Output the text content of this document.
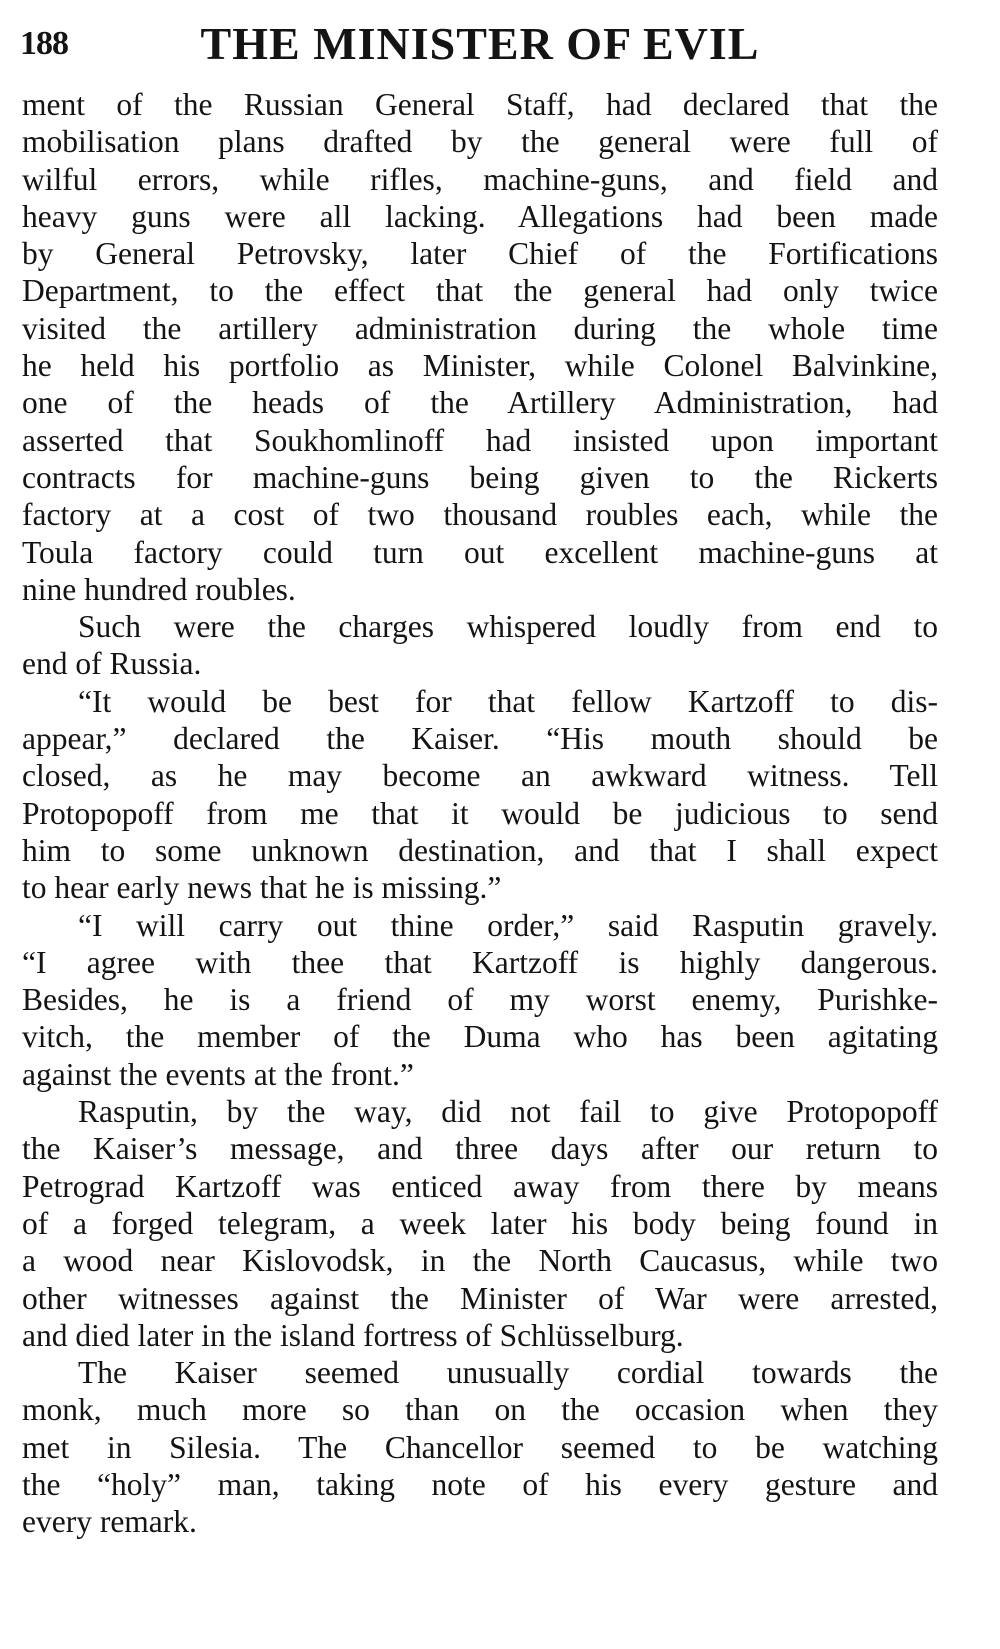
188	THE MINISTER OF EVIL
ment of the Russian General Staff, had declared that the
mobilisation plans drafted by the general were full of
wilful errors, while rifles, machine-guns, and field and
heavy guns were all lacking. Allegations had been made
by General Petrovsky, later Chief of the Fortifications
Department, to the effect that the general had only twice
visited the artillery administration during the whole time
he held his portfolio as Minister, while Colonel Balvinkine,
one of the heads of the Artillery Administration, had
asserted that Soukhomlinoff had insisted upon important
contracts for machine-guns being given to the Rickerts
factory at a cost of two thousand roubles each, while the
Toula factory could turn out excellent machine-guns at
nine hundred roubles.
Such were the charges whispered loudly from end to
end of Russia.
“It would be best for that fellow Kartzoff to dis-
appear,” declared the Kaiser. “His mouth should be
closed, as he may become an awkward witness. Tell
Protopopoff from me that it would be judicious to send
him to some unknown destination, and that I shall expect
to hear early news that he is missing.”
“I will carry out thine order,” said Rasputin gravely.
“I agree with thee that Kartzoff is highly dangerous.
Besides, he is a friend of my worst enemy, Purishke-
vitch, the member of the Duma who has been agitating
against the events at the front.”
Rasputin, by the way, did not fail to give Protopopoff
the Kaiser’s message, and three days after our return to
Petrograd Kartzoff was enticed away from there by means
of a forged telegram, a week later his body being found in
a wood near Kislovodsk, in the North Caucasus, while two
other witnesses against the Minister of War were arrested,
and died later in the island fortress of Schlüsselburg.
The Kaiser seemed unusually cordial towards the
monk, much more so than on the occasion when they
met in Silesia. The Chancellor seemed to be watching
the “holy” man, taking note of his every gesture and
every remark.
